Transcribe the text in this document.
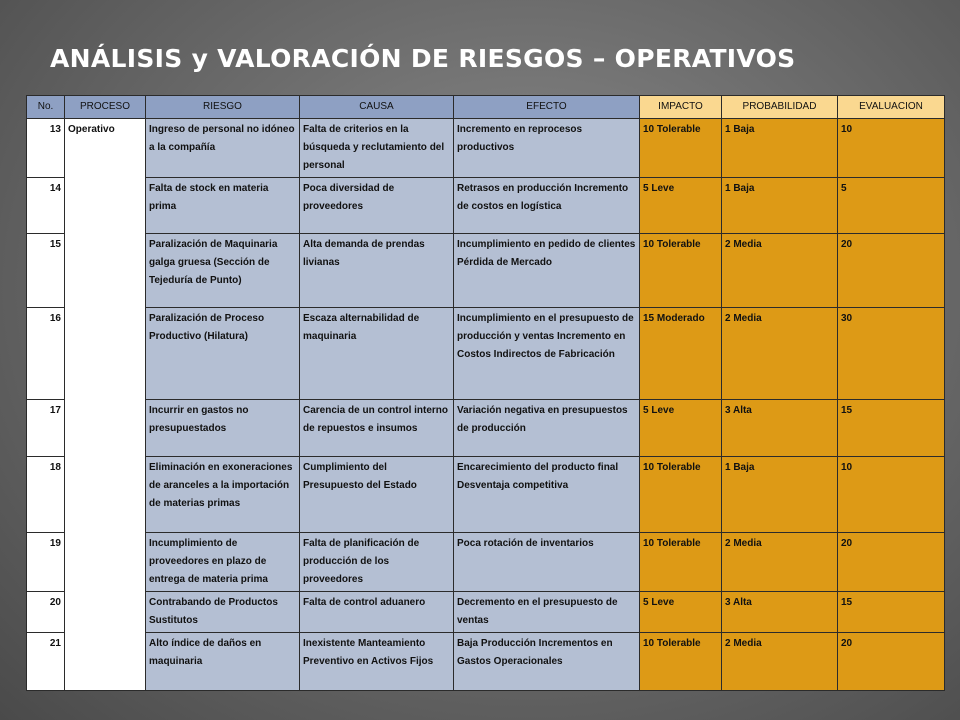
ANÁLISIS y VALORACIÓN DE RIESGOS – OPERATIVOS
No.	PROCESO	RIESGO	CAUSA	EFECTO	IMPACTO	PROBABILIDAD	EVALUACION
13	Operativo	Ingreso de personal no idóneo a la compañía	Falta de criterios en la búsqueda y reclutamiento del personal	Incremento en reprocesos productivos	10 Tolerable	1 Baja	10
14		Falta de stock en materia prima	Poca diversidad de proveedores	Retrasos en producción Incremento de costos en logística	5 Leve	1 Baja	5
15		Paralización de Maquinaria galga gruesa (Sección de Tejeduría de Punto)	Alta demanda de prendas livianas	Incumplimiento en pedido de clientes Pérdida de Mercado	10 Tolerable	2 Media	20
16		Paralización de Proceso Productivo (Hilatura)	Escaza alternabilidad de maquinaria	Incumplimiento en el presupuesto de producción y ventas Incremento en Costos Indirectos de Fabricación	15 Moderado	2 Media	30
17		Incurrir en gastos no presupuestados	Carencia de un control interno de repuestos e insumos	Variación negativa en presupuestos de producción	5 Leve	3 Alta	15
18		Eliminación en exoneraciones de aranceles a la importación de materias primas	Cumplimiento del Presupuesto del Estado	Encarecimiento del producto final Desventaja competitiva	10 Tolerable	1 Baja	10
19		Incumplimiento de proveedores en plazo de entrega de materia prima	Falta de planificación de producción de los proveedores	Poca rotación de inventarios	10 Tolerable	2 Media	20
20		Contrabando de Productos Sustitutos	Falta de control aduanero	Decremento en el presupuesto de ventas	5 Leve	3 Alta	15
21		Alto índice de daños en maquinaria	Inexistente Manteamiento Preventivo en Activos Fijos	Baja Producción Incrementos en Gastos Operacionales	10 Tolerable	2 Media	20
